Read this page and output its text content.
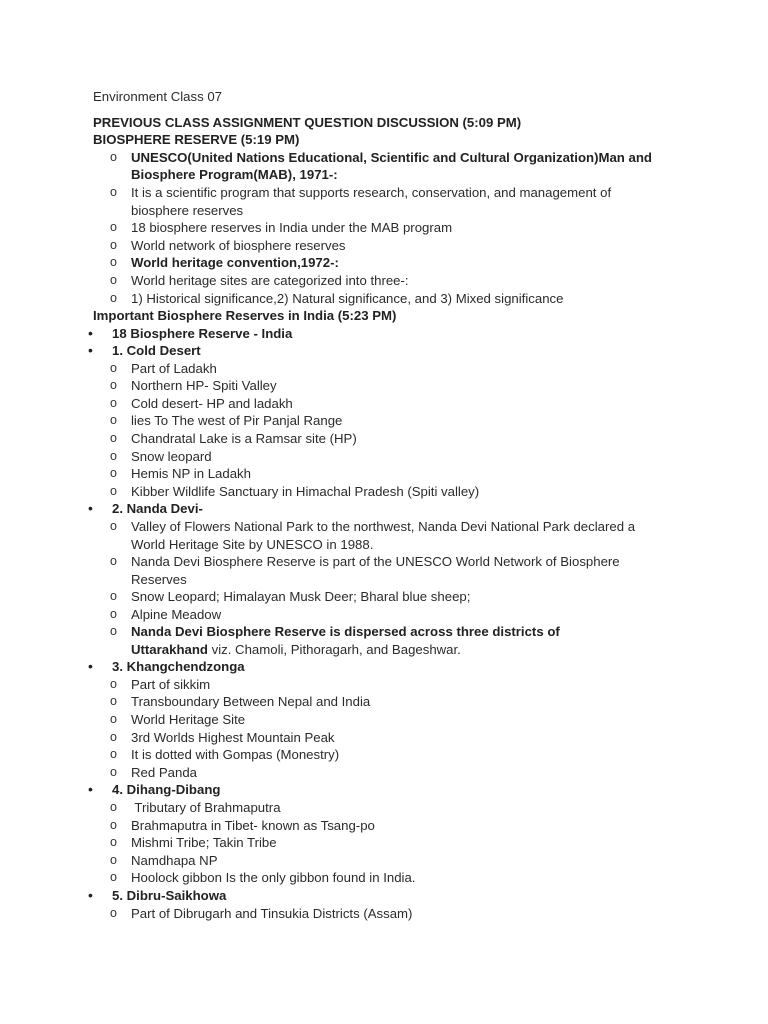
Environment Class 07
PREVIOUS CLASS ASSIGNMENT QUESTION DISCUSSION (5:09 PM)
BIOSPHERE RESERVE (5:19 PM)
o UNESCO(United Nations Educational, Scientific and Cultural Organization)Man and
Biosphere Program(MAB), 1971-:
o It is a scientific program that supports research, conservation, and management of
biosphere reserves
o 18 biosphere reserves in India under the MAB program
o World network of biosphere reserves
o World heritage convention,1972-:
o World heritage sites are categorized into three-:
o 1) Historical significance,2) Natural significance, and 3) Mixed significance
Important Biosphere Reserves in India (5:23 PM)
• 18 Biosphere Reserve - India
• 1. Cold Desert
o Part of Ladakh
o Northern HP- Spiti Valley
o Cold desert- HP and ladakh
o lies To The west of Pir Panjal Range
o Chandratal Lake is a Ramsar site (HP)
o Snow leopard
o Hemis NP in Ladakh
o Kibber Wildlife Sanctuary in Himachal Pradesh (Spiti valley)
• 2. Nanda Devi-
o Valley of Flowers National Park to the northwest, Nanda Devi National Park declared a
World Heritage Site by UNESCO in 1988.
o Nanda Devi Biosphere Reserve is part of the UNESCO World Network of Biosphere
Reserves
o Snow Leopard; Himalayan Musk Deer; Bharal blue sheep;
o Alpine Meadow
o Nanda Devi Biosphere Reserve is dispersed across three districts of
Uttarakhand viz. Chamoli, Pithoragarh, and Bageshwar.
• 3. Khangchendzonga
o Part of sikkim
o Transboundary Between Nepal and India
o World Heritage Site
o 3rd Worlds Highest Mountain Peak
o It is dotted with Gompas (Monestry)
o Red Panda
• 4. Dihang-Dibang
o Tributary of Brahmaputra
o Brahmaputra in Tibet- known as Tsang-po
o Mishmi Tribe; Takin Tribe
o Namdhapa NP
o Hoolock gibbon Is the only gibbon found in India.
• 5. Dibru-Saikhowa
o Part of Dibrugarh and Tinsukia Districts (Assam)
